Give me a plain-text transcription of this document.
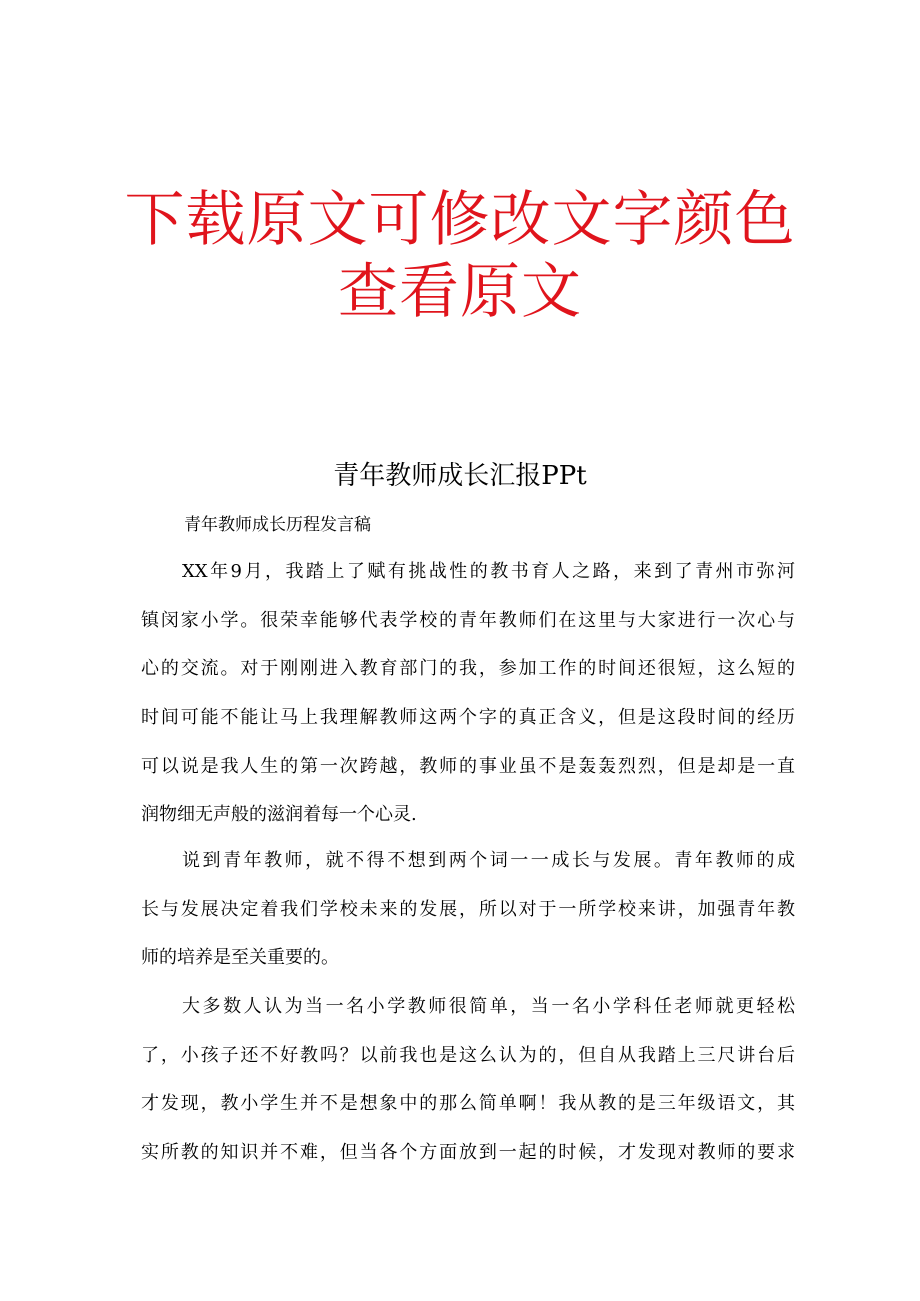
下载原文可修改文字颜色
查看原文
青年教师成长汇报PPt
青年教师成长历程发言稿
　　XX年9月，我踏上了赋有挑战性的教书育人之路，来到了青州市弥河
镇闵家小学。很荣幸能够代表学校的青年教师们在这里与大家进行一次心与
心的交流。对于刚刚进入教育部门的我，参加工作的时间还很短，这么短的
时间可能不能让马上我理解教师这两个字的真正含义，但是这段时间的经历
可以说是我人生的第一次跨越，教师的事业虽不是轰轰烈烈，但是却是一直
润物细无声般的滋润着每一个心灵.
　　说到青年教师，就不得不想到两个词一一成长与发展。青年教师的成
长与发展决定着我们学校未来的发展，所以对于一所学校来讲，加强青年教
师的培养是至关重要的。
　　大多数人认为当一名小学教师很简单，当一名小学科任老师就更轻松
了，小孩子还不好教吗？以前我也是这么认为的，但自从我踏上三尺讲台后
才发现，教小学生并不是想象中的那么简单啊！我从教的是三年级语文，其
实所教的知识并不难，但当各个方面放到一起的时候，才发现对教师的要求
